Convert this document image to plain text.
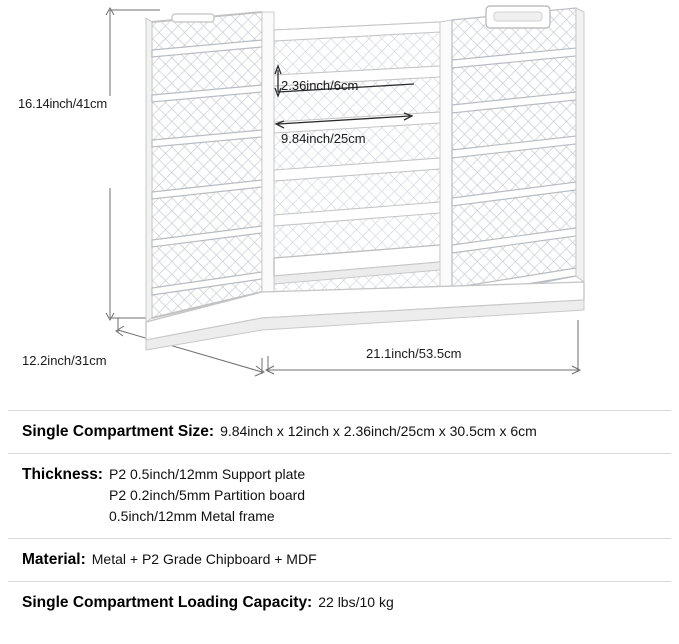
16.14inch/41cm
12.2inch/31cm	21.1inch/53.5cm
2.36inch/6cm
9.84inch/25cm
Single Compartment Size: 9.84inch x 12inch x 2.36inch/25cm x 30.5cm x 6cm
Thickness: P2 0.5inch/12mm Support plate
P2 0.2inch/5mm Partition board
0.5inch/12mm Metal frame
Material: Metal + P2 Grade Chipboard + MDF
Single Compartment Loading Capacity: 22 lbs/10 kg
